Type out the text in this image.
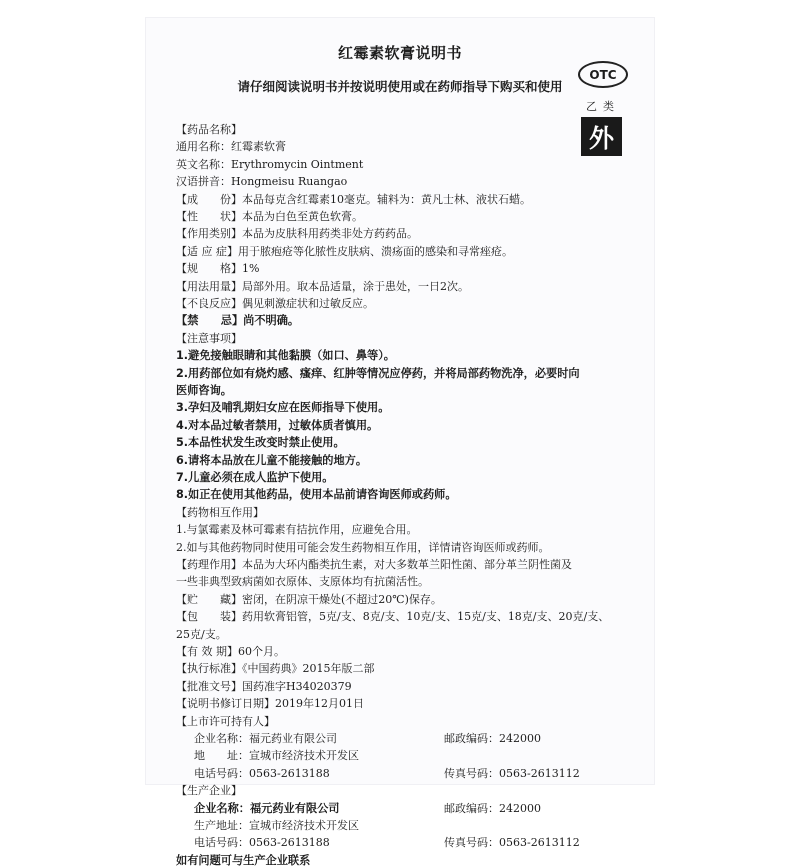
红霉素软膏说明书
请仔细阅读说明书并按说明使用或在药师指导下购买和使用
OTC
乙类
外
【药品名称】
通用名称：红霉素软膏
英文名称：Erythromycin Ointment
汉语拼音：Hongmeisu Ruangao
【成　　份】本品每克含红霉素10毫克。辅料为：黄凡士林、液状石蜡。
【性　　状】本品为白色至黄色软膏。
【作用类别】本品为皮肤科用药类非处方药药品。
【适 应 症】用于脓疱疮等化脓性皮肤病、溃疡面的感染和寻常痤疮。
【规　　格】1%
【用法用量】局部外用。取本品适量，涂于患处，一日2次。
【不良反应】偶见刺激症状和过敏反应。
【禁　　忌】尚不明确。
【注意事项】
1.避免接触眼睛和其他黏膜（如口、鼻等）。
2.用药部位如有烧灼感、瘙痒、红肿等情况应停药，并将局部药物洗净，必要时向
医师咨询。
3.孕妇及哺乳期妇女应在医师指导下使用。
4.对本品过敏者禁用，过敏体质者慎用。
5.本品性状发生改变时禁止使用。
6.请将本品放在儿童不能接触的地方。
7.儿童必须在成人监护下使用。
8.如正在使用其他药品，使用本品前请咨询医师或药师。
【药物相互作用】
1.与氯霉素及林可霉素有拮抗作用，应避免合用。
2.如与其他药物同时使用可能会发生药物相互作用，详情请咨询医师或药师。
【药理作用】本品为大环内酯类抗生素，对大多数革兰阳性菌、部分革兰阴性菌及
一些非典型致病菌如衣原体、支原体均有抗菌活性。
【贮　　藏】密闭，在阴凉干燥处(不超过20℃)保存。
【包　　装】药用软膏铝管，5克/支、8克/支、10克/支、15克/支、18克/支、20克/支、
25克/支。
【有 效 期】60个月。
【执行标准】《中国药典》2015年版二部
【批准文号】国药准字H34020379
【说明书修订日期】2019年12月01日
【上市许可持有人】
企业名称：福元药业有限公司	邮政编码：242000
地　　址：宣城市经济技术开发区
电话号码：0563-2613188	传真号码：0563-2613112
【生产企业】
企业名称：福元药业有限公司	邮政编码：242000
生产地址：宣城市经济技术开发区
电话号码：0563-2613188	传真号码：0563-2613112
如有问题可与生产企业联系
